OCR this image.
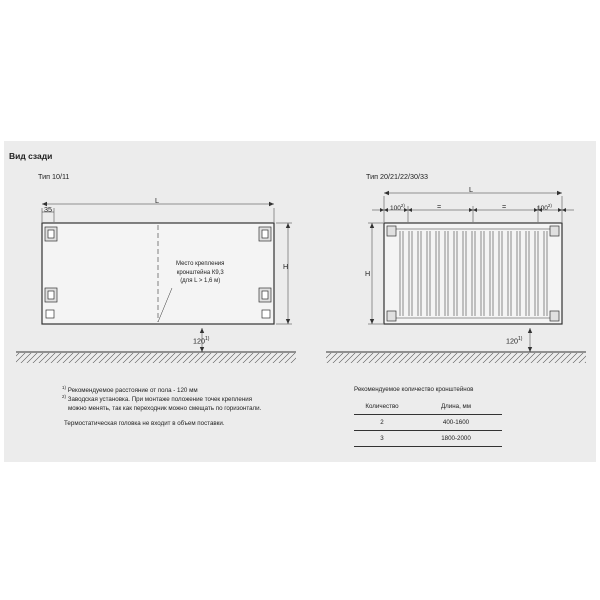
Вид сзади
Тип 10/11
L
35
H
120$^{1)}$
Место крепления
кронштейна К9,3
(для L > 1,6 м)
Тип 20/21/22/30/33
L
$100^{2)}$	=	=	$100^{2)}$
H
120$^{1)}$
$^{1)}$ Рекомендуемое расстояние от пола - 120 мм
$^{2)}$ Заводская установка. При монтаже положение точек крепления
можно менять, так как переходник можно смещать по горизонтали.
Термостатическая головка не входит в объем поставки.
Рекомендуемое количество кронштейнов
Количество	Длина, мм
2	400-1600
3	1800-2000
